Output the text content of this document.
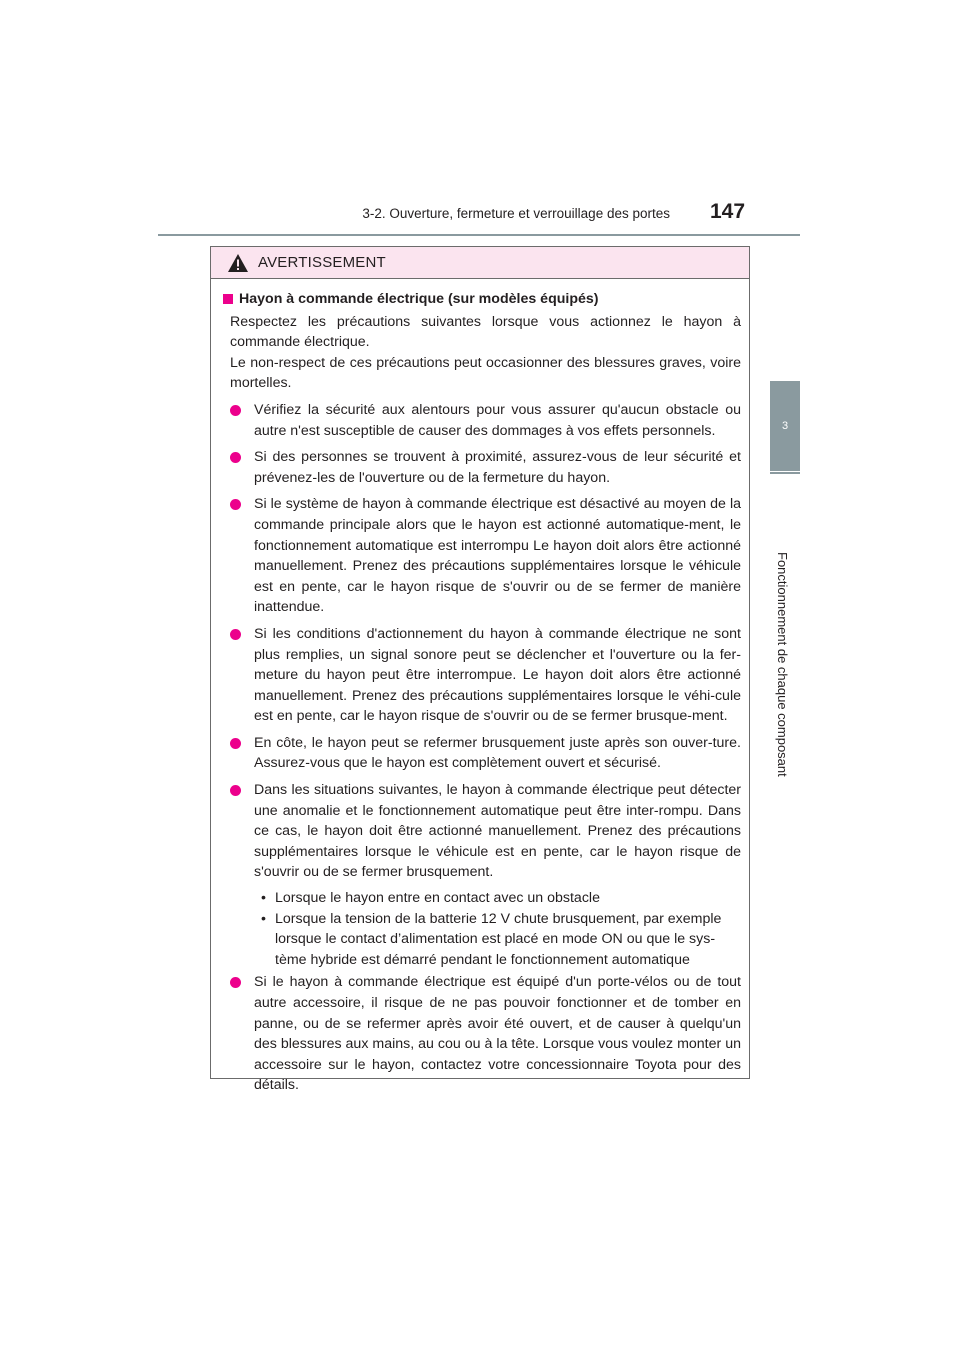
3-2. Ouverture, fermeture et verrouillage des portes 147
3
Fonctionnement de chaque composant
AVERTISSEMENT
Hayon à commande électrique (sur modèles équipés)
Respectez les précautions suivantes lorsque vous actionnez le hayon à commande électrique.
Le non-respect de ces précautions peut occasionner des blessures graves, voire mortelles.
Vérifiez la sécurité aux alentours pour vous assurer qu'aucun obstacle ou autre n'est susceptible de causer des dommages à vos effets personnels.
Si des personnes se trouvent à proximité, assurez-vous de leur sécurité et prévenez-les de l'ouverture ou de la fermeture du hayon.
Si le système de hayon à commande électrique est désactivé au moyen de la commande principale alors que le hayon est actionné automatique-ment, le fonctionnement automatique est interrompu Le hayon doit alors être actionné manuellement. Prenez des précautions supplémentaires lorsque le véhicule est en pente, car le hayon risque de s'ouvrir ou de se fermer de manière inattendue.
Si les conditions d'actionnement du hayon à commande électrique ne sont plus remplies, un signal sonore peut se déclencher et l'ouverture ou la fer-meture du hayon peut être interrompue. Le hayon doit alors être actionné manuellement. Prenez des précautions supplémentaires lorsque le véhi-cule est en pente, car le hayon risque de s'ouvrir ou de se fermer brusque-ment.
En côte, le hayon peut se refermer brusquement juste après son ouver-ture. Assurez-vous que le hayon est complètement ouvert et sécurisé.
Dans les situations suivantes, le hayon à commande électrique peut détecter une anomalie et le fonctionnement automatique peut être inter-rompu. Dans ce cas, le hayon doit être actionné manuellement. Prenez des précautions supplémentaires lorsque le véhicule est en pente, car le hayon risque de s'ouvrir ou de se fermer brusquement.
• Lorsque le hayon entre en contact avec un obstacle
• Lorsque la tension de la batterie 12 V chute brusquement, par exemple lorsque le contact d’alimentation est placé en mode ON ou que le sys-tème hybride est démarré pendant le fonctionnement automatique
Si le hayon à commande électrique est équipé d'un porte-vélos ou de tout autre accessoire, il risque de ne pas pouvoir fonctionner et de tomber en panne, ou de se refermer après avoir été ouvert, et de causer à quelqu'un des blessures aux mains, au cou ou à la tête. Lorsque vous voulez monter un accessoire sur le hayon, contactez votre concessionnaire Toyota pour des détails.
